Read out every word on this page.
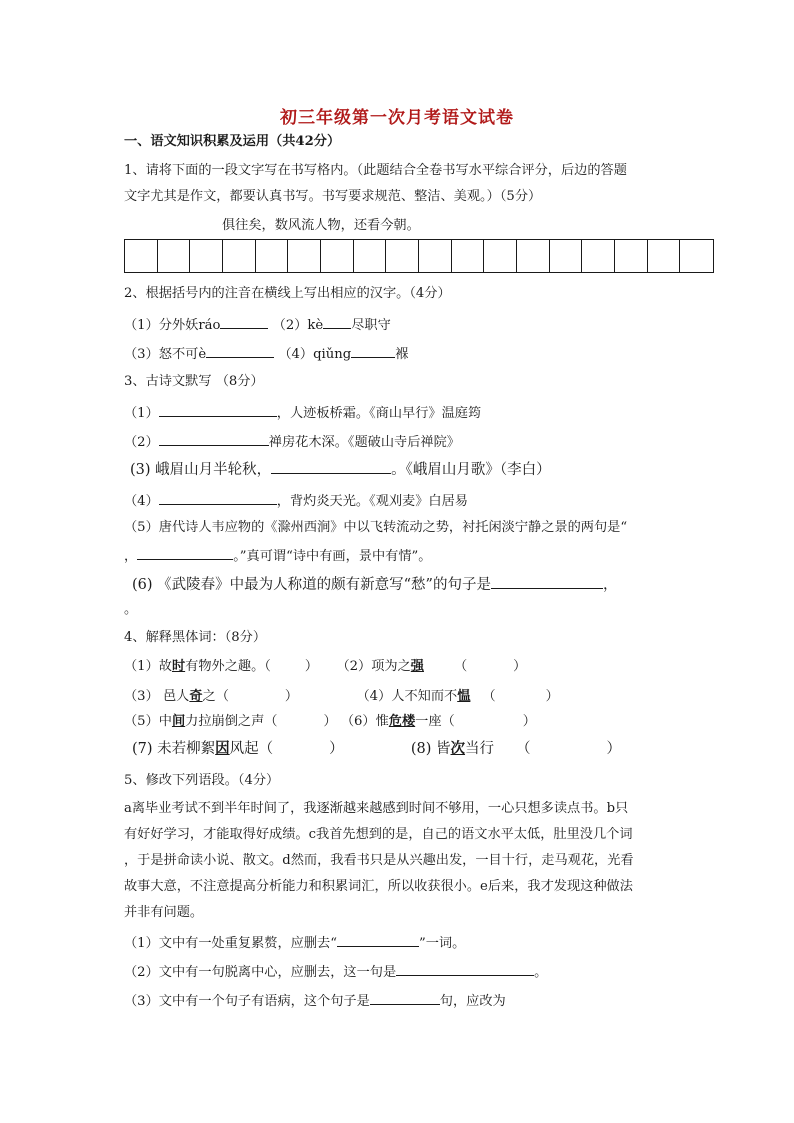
初三年级第一次月考语文试卷
一、语文知识积累及运用（共42分）
1、请将下面的一段文字写在书写格内。（此题结合全卷书写水平综合评分，后边的答题
文字尤其是作文，都要认真书写。书写要求规范、整洁、美观。）（5分）
俱往矣，数风流人物，还看今朝。
2、根据括号内的注音在横线上写出相应的汉字。（4分）
（1）分外妖ráo	（2）kè 尽职守
（3）怒不可è	（4）qiǔng	褓
3、古诗文默写 （8分）
（1）	，人迹板桥霜。《商山早行》温庭筠
（2）	禅房花木深。《题破山寺后禅院》
(3) 峨眉山月半轮秋，	。《峨眉山月歌》（李白）
（4）	，背灼炎天光。《观刈麦》白居易
（5）唐代诗人韦应物的《滁州西涧》中以飞转流动之势，衬托闲淡宁静之景的两句是“
，	。”真可谓“诗中有画，景中有情”。
(6) 《武陵春》中最为人称道的颇有新意写“愁”的句子是	，
。
4、解释黑体词：（8分）
（1）故时有物外之趣。（	） （2）项为之强 （	）
（3） 邑人奇之（	）	（4）人不知而不愠 （	）
（5）中间力拉崩倒之声（	） （6）惟危楼一座（	）
(7) 未若柳絮因风起（	）	(8) 皆次当行 （	）
5、修改下列语段。（4分）
a离毕业考试不到半年时间了，我逐渐越来越感到时间不够用，一心只想多读点书。b只
有好好学习，才能取得好成绩。c我首先想到的是，自己的语文水平太低，肚里没几个词
，于是拼命读小说、散文。d然而，我看书只是从兴趣出发，一目十行，走马观花，光看
故事大意，不注意提高分析能力和积累词汇，所以收获很小。e后来，我才发现这种做法
并非有问题。
（1）文中有一处重复累赘，应删去“	”一词。
（2）文中有一句脱离中心，应删去，这一句是	。
（3）文中有一个句子有语病，这个句子是	句，应改为
